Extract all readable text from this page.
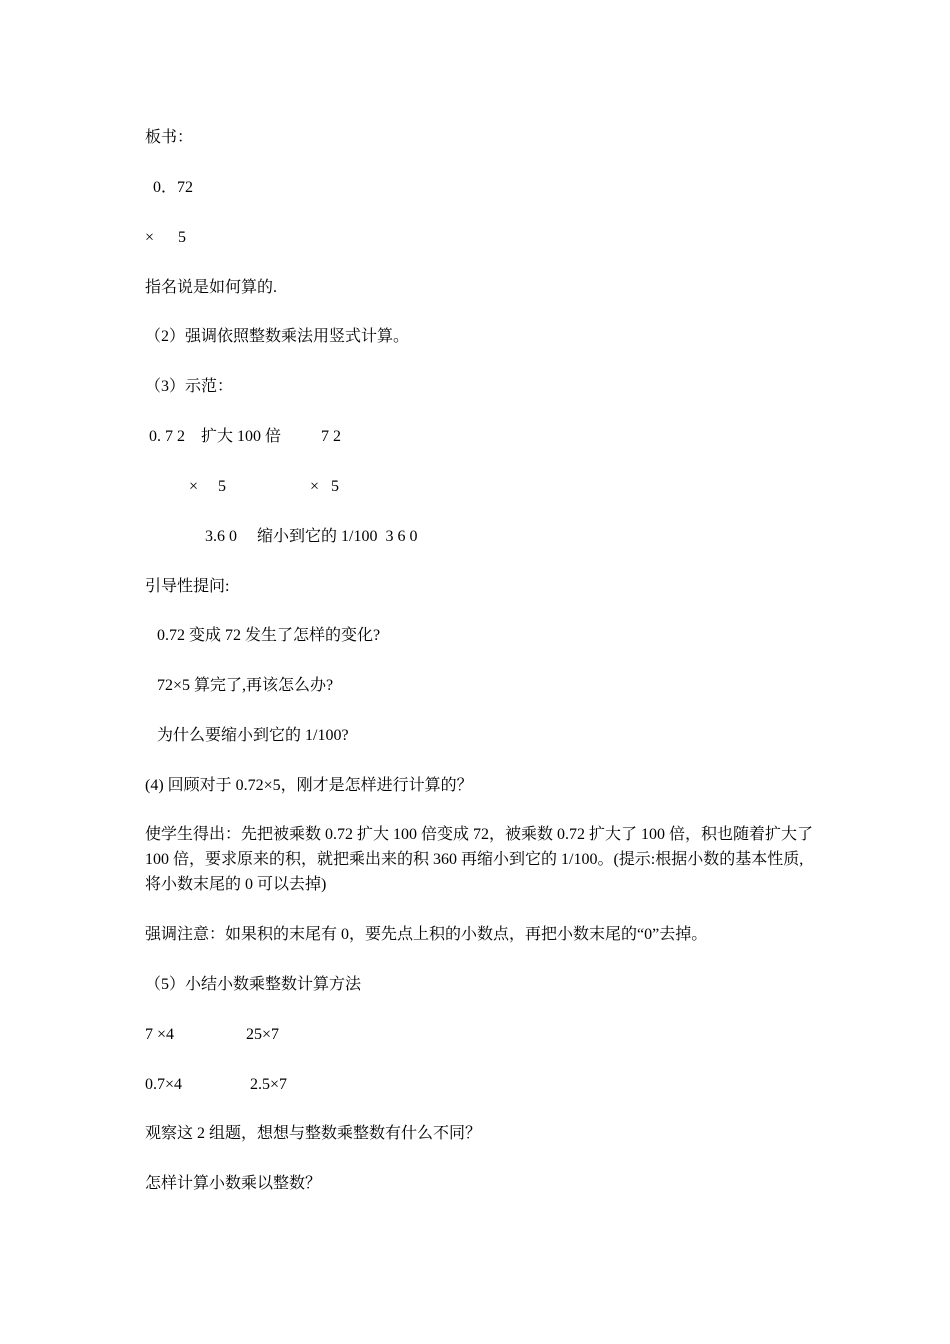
板书：
0．72
×      5
指名说是如何算的.
（2）强调依照整数乘法用竖式计算。
（3）示范：
0. 7 2    扩大 100 倍          7 2
×     5                     ×   5
3.6 0     缩小到它的 1/100  3 6 0
引导性提问:
0.72 变成 72 发生了怎样的变化?
72×5 算完了,再该怎么办?
为什么要缩小到它的 1/100?
(4) 回顾对于 0.72×5，刚才是怎样进行计算的？
使学生得出：先把被乘数 0.72 扩大 100 倍变成 72，被乘数 0.72 扩大了 100 倍，积也随着扩大了 100 倍，要求原来的积，就把乘出来的积 360 再缩小到它的 1/100。(提示:根据小数的基本性质, 将小数末尾的 0 可以去掉)
强调注意：如果积的末尾有 0，要先点上积的小数点，再把小数末尾的“0”去掉。
（5）小结小数乘整数计算方法
7 ×4                  25×7
0.7×4                 2.5×7
观察这 2 组题，想想与整数乘整数有什么不同？
怎样计算小数乘以整数？
